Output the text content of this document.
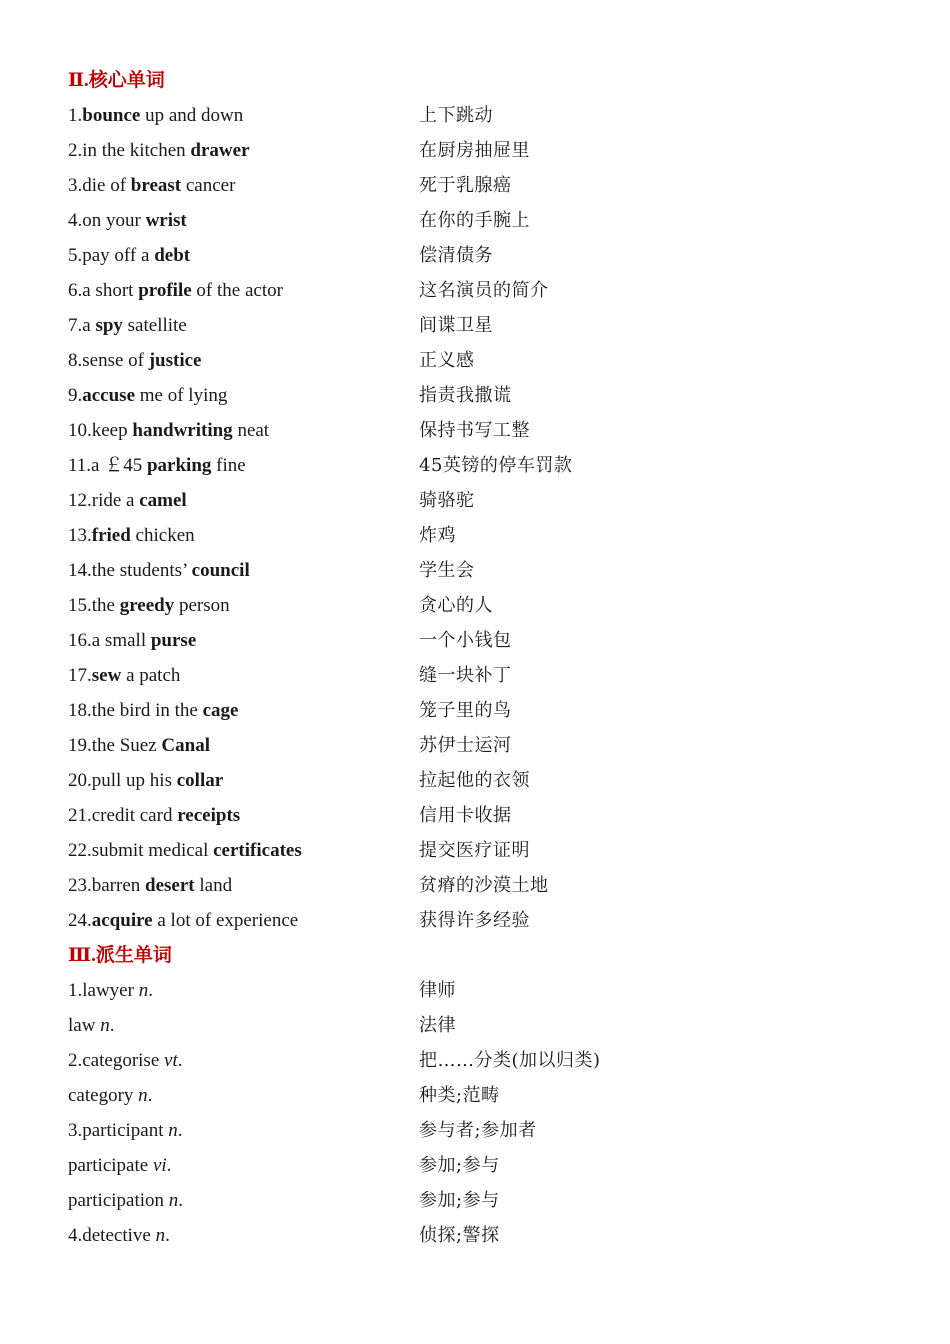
Ⅱ.核心单词
1.bounce up and down	上下跳动
2.in the kitchen drawer	在厨房抽屉里
3.die of breast cancer	死于乳腺癌
4.on your wrist	在你的手腕上
5.pay off a debt	偿清债务
6.a short profile of the actor	这名演员的简介
7.a spy satellite	间谍卫星
8.sense of justice	正义感
9.accuse me of lying	指责我撒谎
10.keep handwriting neat	保持书写工整
11.a ￡45 parking fine	45英镑的停车罚款
12.ride a camel	骑骆驼
13.fried chicken	炸鸡
14.the students’ council	学生会
15.the greedy person	贪心的人
16.a small purse	一个小钱包
17.sew a patch	缝一块补丁
18.the bird in the cage	笼子里的鸟
19.the Suez Canal	苏伊士运河
20.pull up his collar	拉起他的衣领
21.credit card receipts	信用卡收据
22.submit medical certificates	提交医疗证明
23.barren desert land	贫瘠的沙漠土地
24.acquire a lot of experience	获得许多经验
Ⅲ.派生单词
1.lawyer n.	律师
law n.	法律
2.categorise vt.	把……分类(加以归类)
category n.	种类;范畴
3.participant n.	参与者;参加者
participate vi.	参加;参与
participation n.	参加;参与
4.detective n.	侦探;警探
